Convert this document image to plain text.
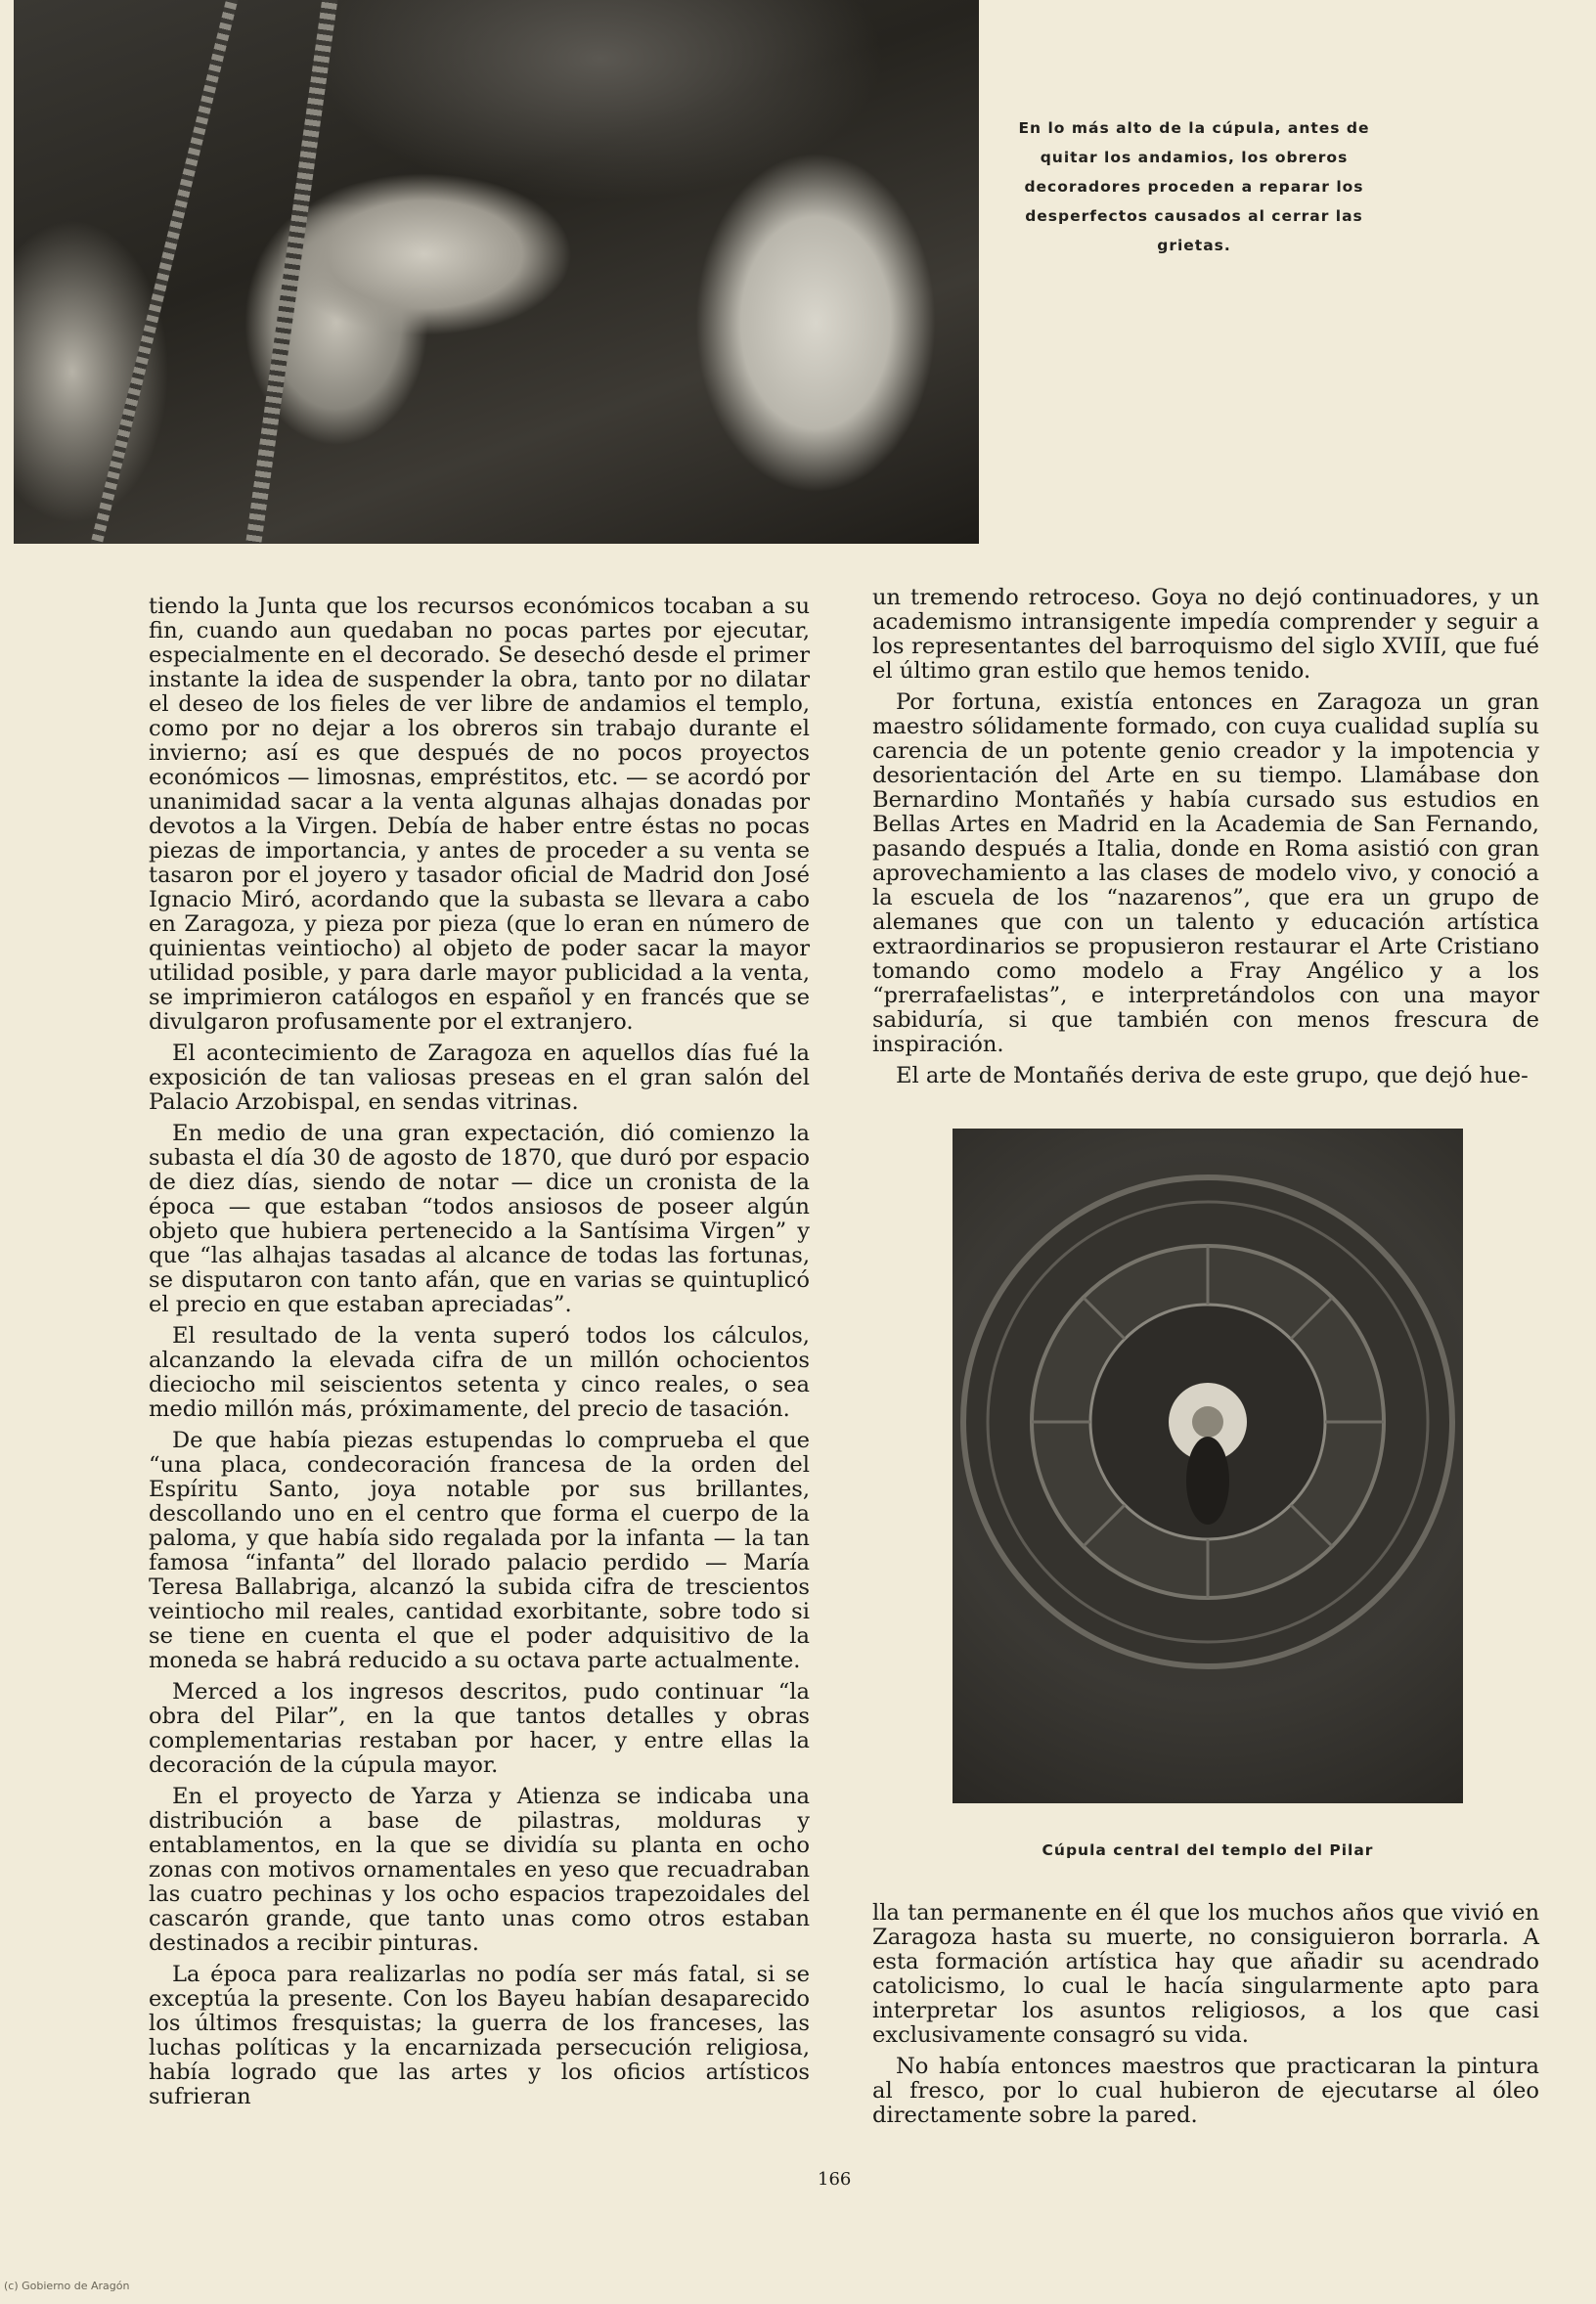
En lo más alto de la cúpula, antes de quitar los andamios, los obreros decoradores proceden a reparar los desperfectos causados al cerrar las grietas.

tiendo la Junta que los recursos económicos tocaban a su fin, cuando aun quedaban no pocas partes por ejecutar, especialmente en el decorado. Se desechó desde el primer instante la idea de suspender la obra, tanto por no dilatar el deseo de los fieles de ver libre de andamios el templo, como por no dejar a los obreros sin trabajo durante el invierno; así es que después de no pocos proyectos económicos — limosnas, empréstitos, etc. — se acordó por unanimidad sacar a la venta algunas alhajas donadas por devotos a la Virgen. Debía de haber entre éstas no pocas piezas de importancia, y antes de proceder a su venta se tasaron por el joyero y tasador oficial de Madrid don José Ignacio Miró, acordando que la subasta se llevara a cabo en Zaragoza, y pieza por pieza (que lo eran en número de quinientas veintiocho) al objeto de poder sacar la mayor utilidad posible, y para darle mayor publicidad a la venta, se imprimieron catálogos en español y en francés que se divulgaron profusamente por el extranjero.

El acontecimiento de Zaragoza en aquellos días fué la exposición de tan valiosas preseas en el gran salón del Palacio Arzobispal, en sendas vitrinas.

En medio de una gran expectación, dió comienzo la subasta el día 30 de agosto de 1870, que duró por espacio de diez días, siendo de notar — dice un cronista de la época — que estaban “todos ansiosos de poseer algún objeto que hubiera pertenecido a la Santísima Virgen” y que “las alhajas tasadas al alcance de todas las fortunas, se disputaron con tanto afán, que en varias se quintuplicó el precio en que estaban apreciadas”.

El resultado de la venta superó todos los cálculos, alcanzando la elevada cifra de un millón ochocientos dieciocho mil seiscientos setenta y cinco reales, o sea medio millón más, próximamente, del precio de tasación.

De que había piezas estupendas lo comprueba el que “una placa, condecoración francesa de la orden del Espíritu Santo, joya notable por sus brillantes, descollando uno en el centro que forma el cuerpo de la paloma, y que había sido regalada por la infanta — la tan famosa “infanta” del llorado palacio perdido — María Teresa Ballabriga, alcanzó la subida cifra de trescientos veintiocho mil reales, cantidad exorbitante, sobre todo si se tiene en cuenta el que el poder adquisitivo de la moneda se habrá reducido a su octava parte actualmente.

Merced a los ingresos descritos, pudo continuar “la obra del Pilar”, en la que tantos detalles y obras complementarias restaban por hacer, y entre ellas la decoración de la cúpula mayor.

En el proyecto de Yarza y Atienza se indicaba una distribución a base de pilastras, molduras y entablamentos, en la que se dividía su planta en ocho zonas con motivos ornamentales en yeso que recuadraban las cuatro pechinas y los ocho espacios trapezoidales del cascarón grande, que tanto unas como otros estaban destinados a recibir pinturas.

La época para realizarlas no podía ser más fatal, si se exceptúa la presente. Con los Bayeu habían desaparecido los últimos fresquistas; la guerra de los franceses, las luchas políticas y la encarnizada persecución religiosa, había logrado que las artes y los oficios artísticos sufrieran

un tremendo retroceso. Goya no dejó continuadores, y un academismo intransigente impedía comprender y seguir a los representantes del barroquismo del siglo XVIII, que fué el último gran estilo que hemos tenido.

Por fortuna, existía entonces en Zaragoza un gran maestro sólidamente formado, con cuya cualidad suplía su carencia de un potente genio creador y la impotencia y desorientación del Arte en su tiempo. Llamábase don Bernardino Montañés y había cursado sus estudios en Bellas Artes en Madrid en la Academia de San Fernando, pasando después a Italia, donde en Roma asistió con gran aprovechamiento a las clases de modelo vivo, y conoció a la escuela de los “nazarenos”, que era un grupo de alemanes que con un talento y educación artística extraordinarios se propusieron restaurar el Arte Cristiano tomando como modelo a Fray Angélico y a los “prerrafaelistas”, e interpretándolos con una mayor sabiduría, si que también con menos frescura de inspiración.

El arte de Montañés deriva de este grupo, que dejó hue-

Cúpula central del templo del Pilar

lla tan permanente en él que los muchos años que vivió en Zaragoza hasta su muerte, no consiguieron borrarla. A esta formación artística hay que añadir su acendrado catolicismo, lo cual le hacía singularmente apto para interpretar los asuntos religiosos, a los que casi exclusivamente consagró su vida.

No había entonces maestros que practicaran la pintura al fresco, por lo cual hubieron de ejecutarse al óleo directamente sobre la pared.

166
(c) Gobierno de Aragón
